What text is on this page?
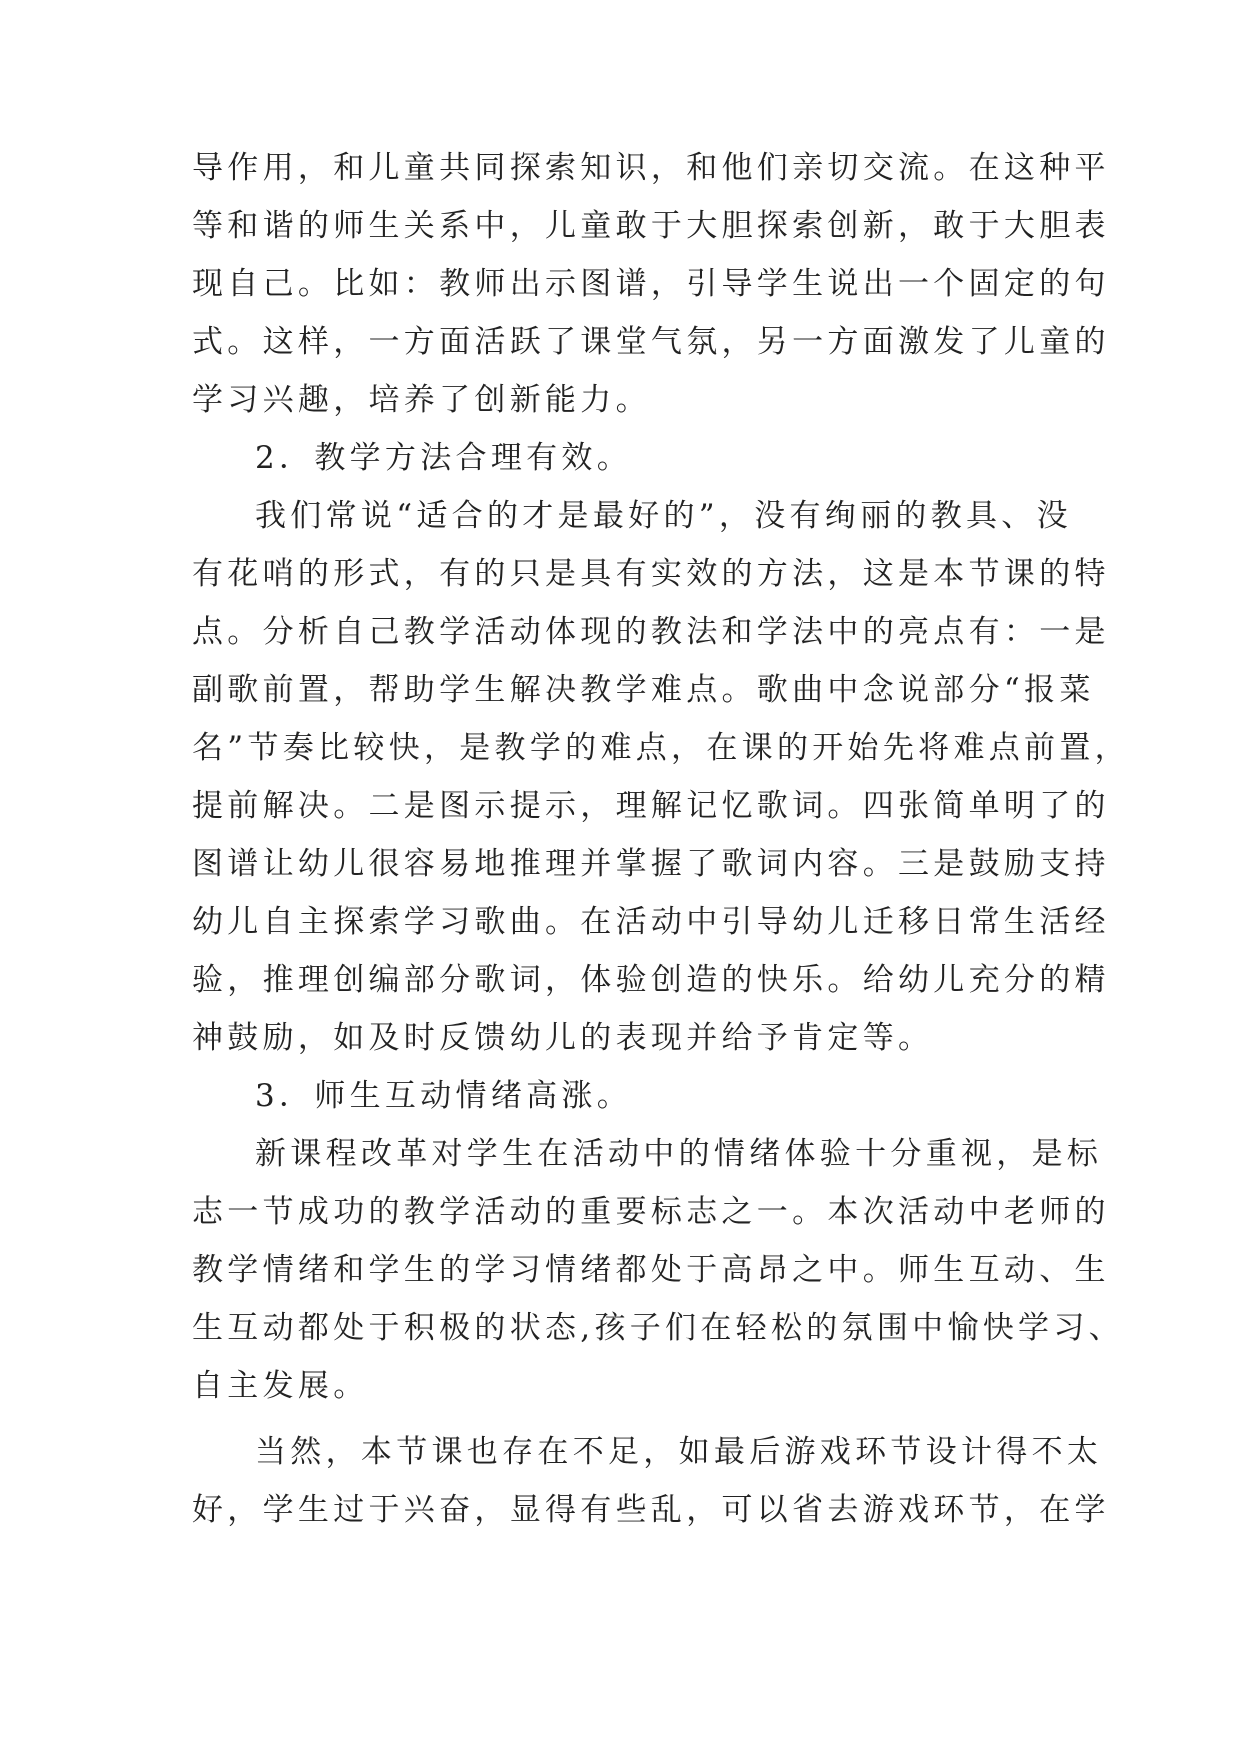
导作用，和儿童共同探索知识，和他们亲切交流。在这种平
等和谐的师生关系中，儿童敢于大胆探索创新，敢于大胆表
现自己。比如：教师出示图谱，引导学生说出一个固定的句
式。这样，一方面活跃了课堂气氛，另一方面激发了儿童的
学习兴趣，培养了创新能力。
2．教学方法合理有效。
我们常说“适合的才是最好的”，没有绚丽的教具、没
有花哨的形式，有的只是具有实效的方法，这是本节课的特
点。分析自己教学活动体现的教法和学法中的亮点有：一是
副歌前置，帮助学生解决教学难点。歌曲中念说部分“报菜
名”节奏比较快，是教学的难点，在课的开始先将难点前置，
提前解决。二是图示提示，理解记忆歌词。四张简单明了的
图谱让幼儿很容易地推理并掌握了歌词内容。三是鼓励支持
幼儿自主探索学习歌曲。在活动中引导幼儿迁移日常生活经
验，推理创编部分歌词，体验创造的快乐。给幼儿充分的精
神鼓励，如及时反馈幼儿的表现并给予肯定等。
3．师生互动情绪高涨。
新课程改革对学生在活动中的情绪体验十分重视，是标
志一节成功的教学活动的重要标志之一。本次活动中老师的
教学情绪和学生的学习情绪都处于高昂之中。师生互动、生
生互动都处于积极的状态,孩子们在轻松的氛围中愉快学习、
自主发展。
当然，本节课也存在不足，如最后游戏环节设计得不太
好，学生过于兴奋，显得有些乱，可以省去游戏环节，在学
